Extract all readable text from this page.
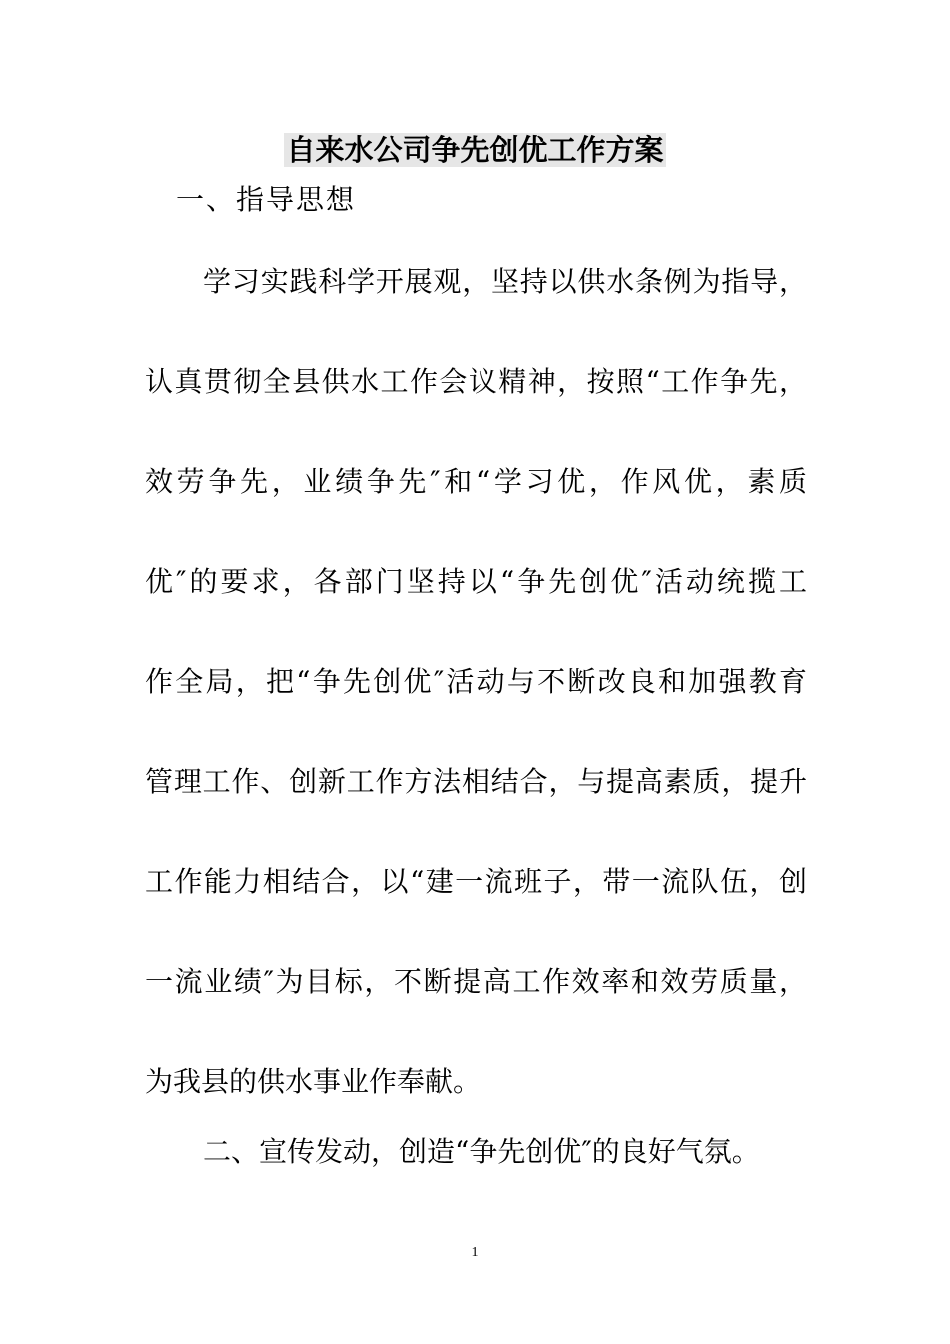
自来水公司争先创优工作方案
一、指导思想
学习实践科学开展观，坚持以供水条例为指导，
认真贯彻全县供水工作会议精神，按照“工作争先，
效劳争先，业绩争先″和“学习优，作风优，素质
优″的要求，各部门坚持以“争先创优″活动统揽工
作全局，把“争先创优″活动与不断改良和加强教育
管理工作、创新工作方法相结合，与提高素质，提升
工作能力相结合，以“建一流班子，带一流队伍，创
一流业绩″为目标，不断提高工作效率和效劳质量，
为我县的供水事业作奉献。
二、宣传发动，创造“争先创优″的良好气氛。
1
